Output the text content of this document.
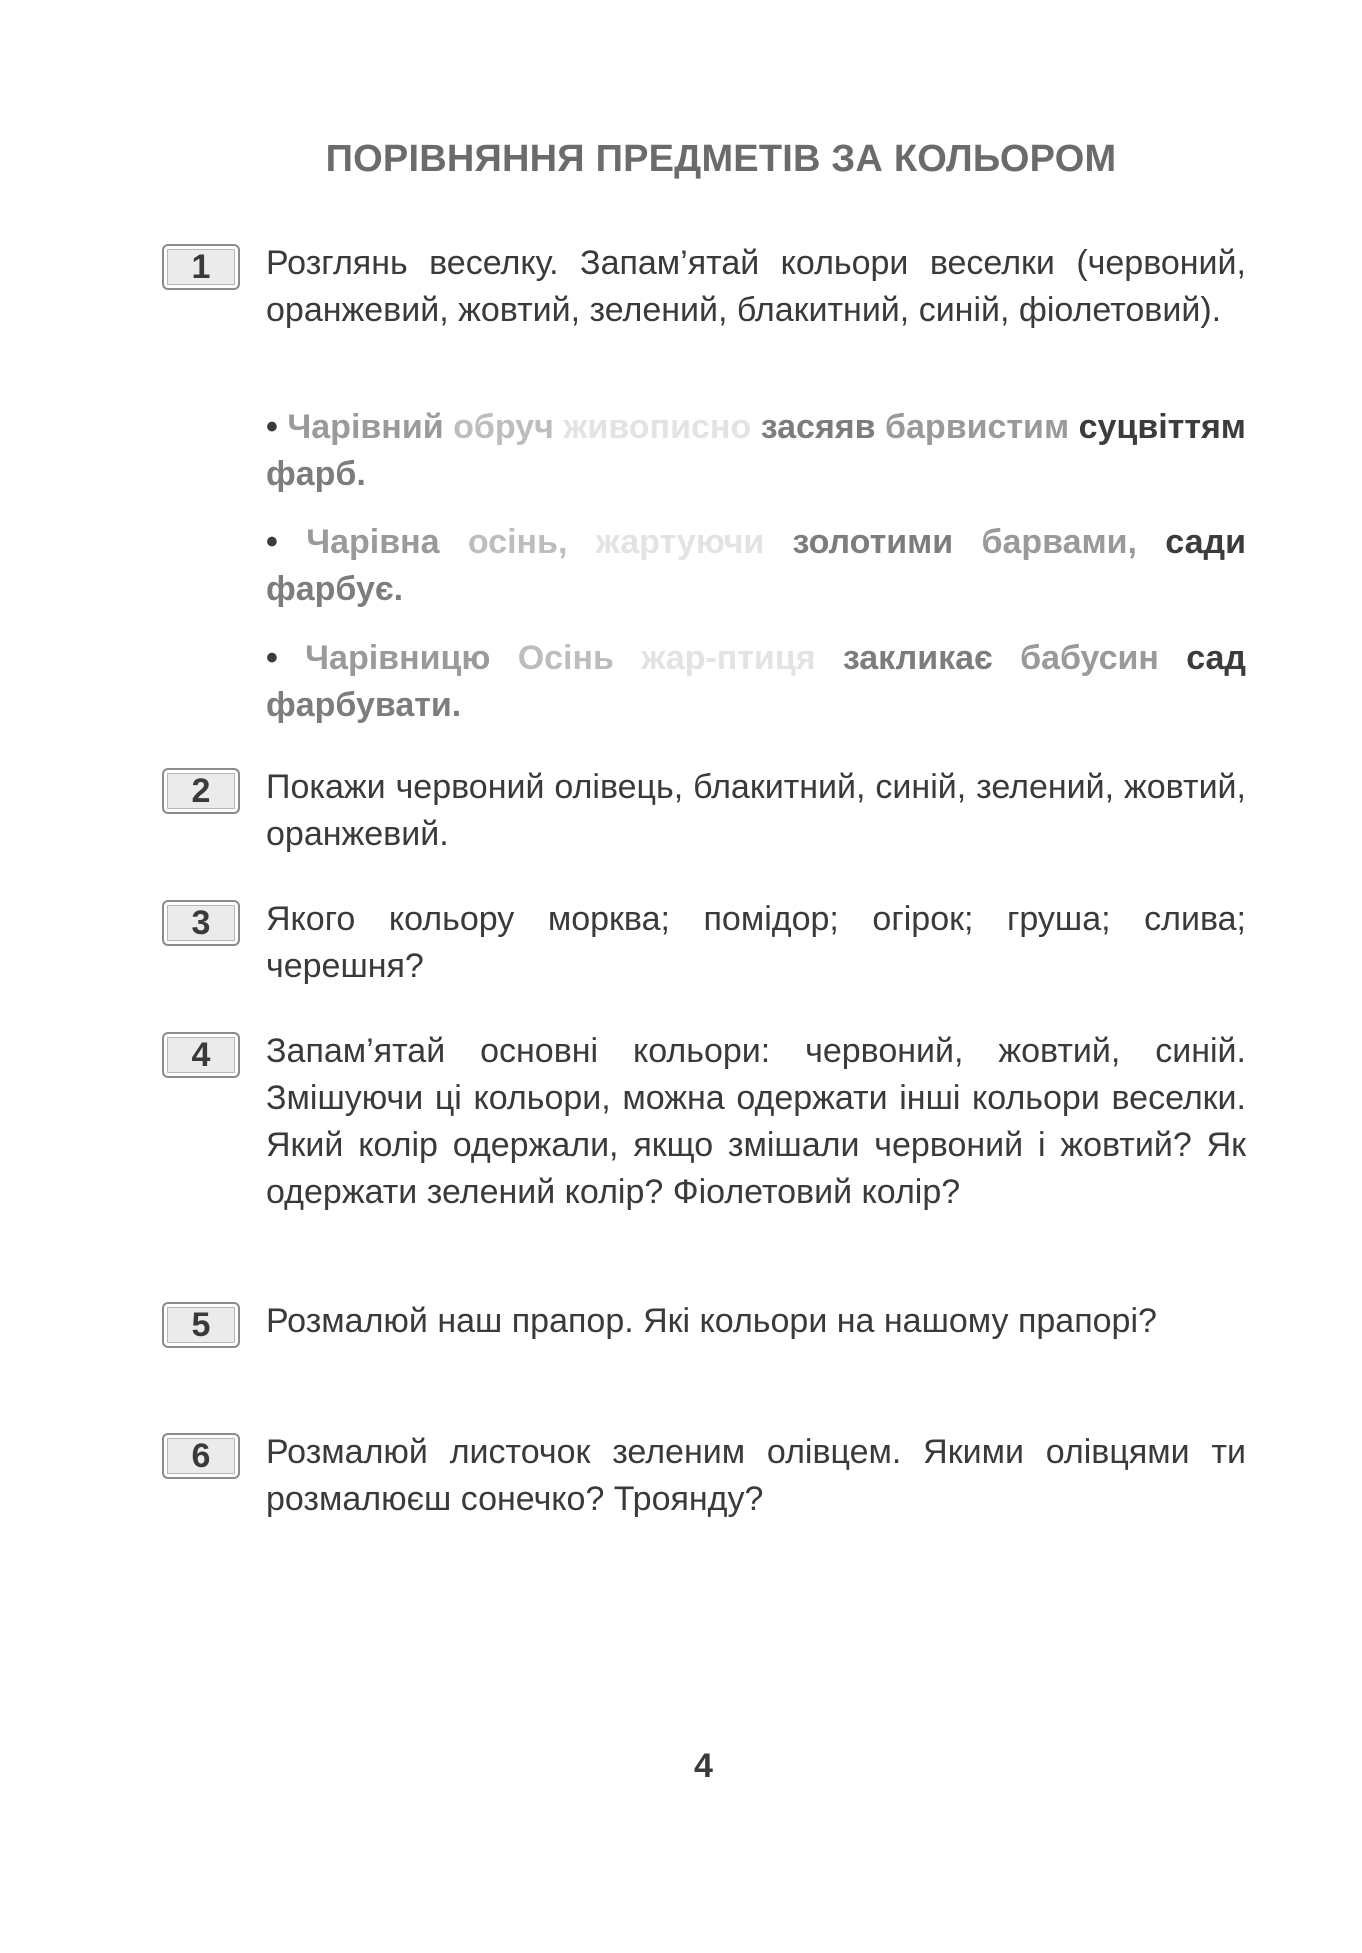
ПОРІВНЯННЯ ПРЕДМЕТІВ ЗА КОЛЬОРОМ
1	Розглянь веселку. Запам’ятай кольори веселки (червоний, оранжевий, жовтий, зелений, блакитний, синій, фіолетовий).
• Чарівний обруч живописно засяяв барвистим суцвіттям фарб.
• Чарівна осінь, жартуючи золотими барвами, сади фарбує.
• Чарівницю Осінь жар-птиця закликає бабусин сад фарбувати.
2	Покажи червоний олівець, блакитний, синій, зелений, жовтий, оранжевий.
3	Якого кольору морква; помідор; огірок; груша; слива; черешня?
4	Запам’ятай основні кольори: червоний, жовтий, синій. Змішуючи ці кольори, можна одержати інші кольори веселки. Який колір одержали, якщо змішали червоний і жовтий? Як одержати зелений колір? Фіолетовий колір?
5	Розмалюй наш прапор. Які кольори на нашому прапорі?
6	Розмалюй листочок зеленим олівцем. Якими олівцями ти розмалюєш сонечко? Троянду?
4
